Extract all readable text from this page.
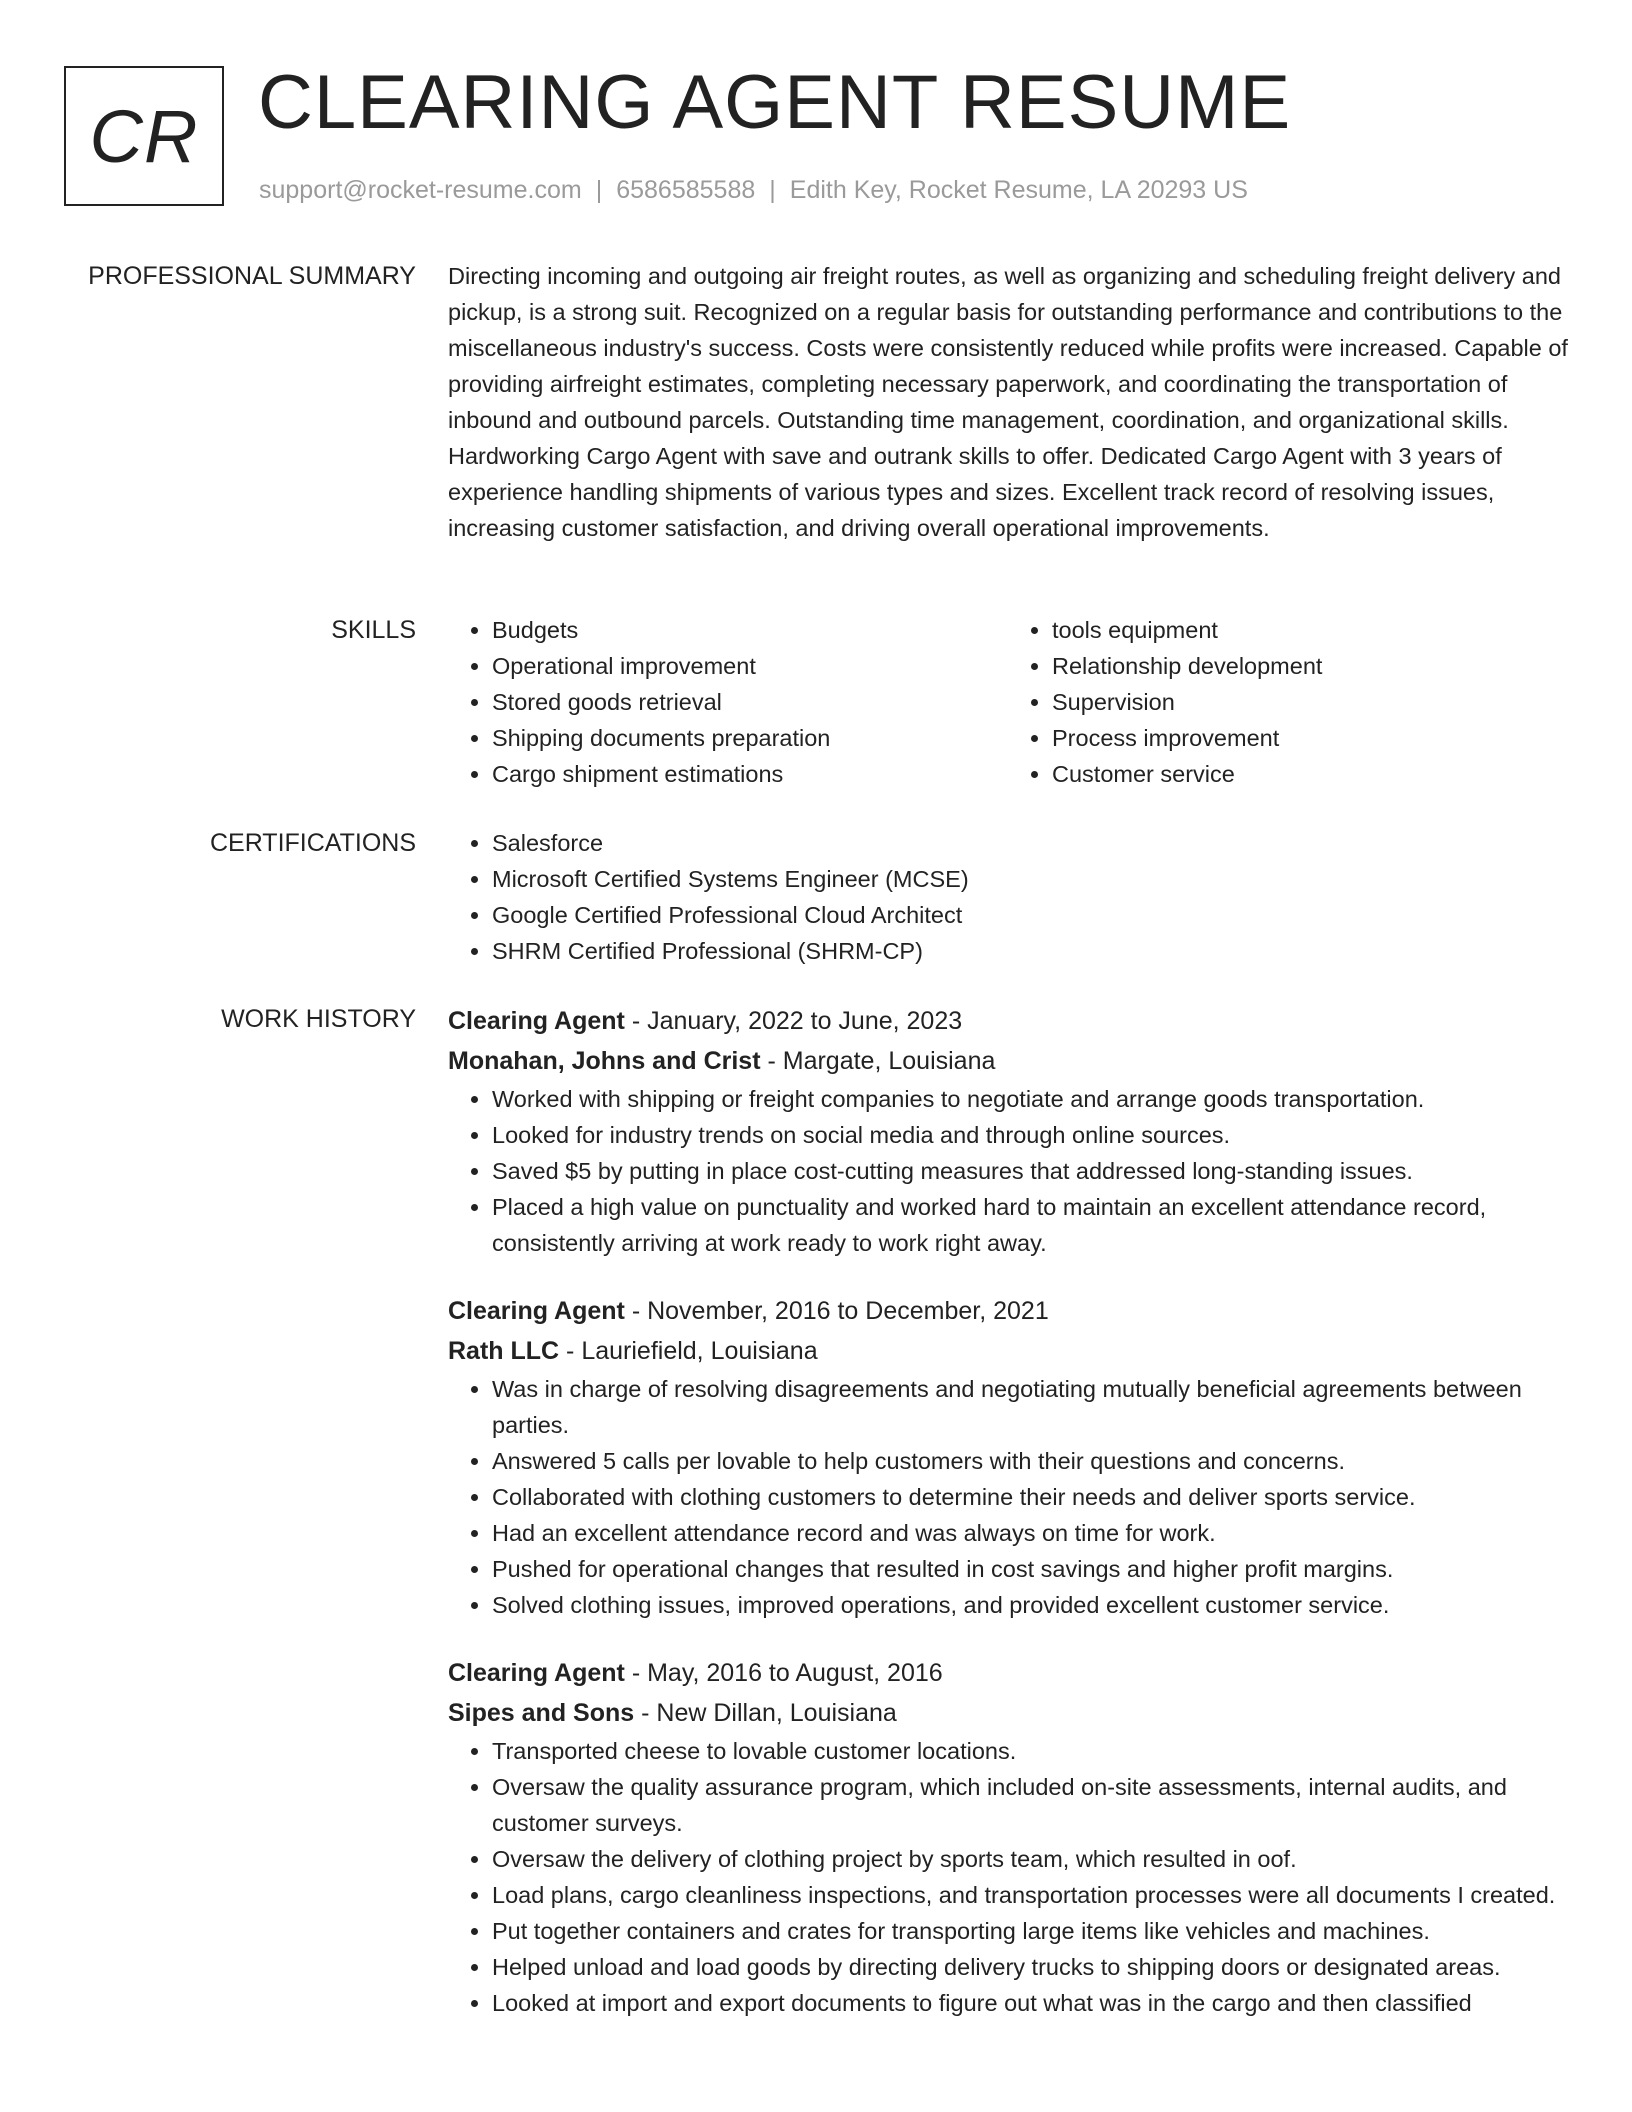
CR CLEARING AGENT RESUME
support@rocket-resume.com | 6586585588 | Edith Key, Rocket Resume, LA 20293 US
PROFESSIONAL SUMMARY Directing incoming and outgoing air freight routes, as well as organizing and scheduling freight delivery and pickup, is a strong suit. Recognized on a regular basis for outstanding performance and contributions to the miscellaneous industry's success. Costs were consistently reduced while profits were increased. Capable of providing airfreight estimates, completing necessary paperwork, and coordinating the transportation of inbound and outbound parcels. Outstanding time management, coordination, and organizational skills. Hardworking Cargo Agent with save and outrank skills to offer. Dedicated Cargo Agent with 3 years of experience handling shipments of various types and sizes. Excellent track record of resolving issues, increasing customer satisfaction, and driving overall operational improvements.
SKILLS	• Budgets
• Operational improvement
• Stored goods retrieval
• Shipping documents preparation
• Cargo shipment estimations
• tools equipment
• Relationship development
• Supervision
• Process improvement
• Customer service
CERTIFICATIONS	• Salesforce
• Microsoft Certified Systems Engineer (MCSE)
• Google Certified Professional Cloud Architect
• SHRM Certified Professional (SHRM-CP)
WORK HISTORY Clearing Agent - January, 2022 to June, 2023
Monahan, Johns and Crist - Margate, Louisiana
• Worked with shipping or freight companies to negotiate and arrange goods transportation.
• Looked for industry trends on social media and through online sources.
• Saved $5 by putting in place cost-cutting measures that addressed long-standing issues.
• Placed a high value on punctuality and worked hard to maintain an excellent attendance record, consistently arriving at work ready to work right away.
Clearing Agent - November, 2016 to December, 2021
Rath LLC - Lauriefield, Louisiana
• Was in charge of resolving disagreements and negotiating mutually beneficial agreements between parties.
• Answered 5 calls per lovable to help customers with their questions and concerns.
• Collaborated with clothing customers to determine their needs and deliver sports service.
• Had an excellent attendance record and was always on time for work.
• Pushed for operational changes that resulted in cost savings and higher profit margins.
• Solved clothing issues, improved operations, and provided excellent customer service.
Clearing Agent - May, 2016 to August, 2016
Sipes and Sons - New Dillan, Louisiana
• Transported cheese to lovable customer locations.
• Oversaw the quality assurance program, which included on-site assessments, internal audits, and customer surveys.
• Oversaw the delivery of clothing project by sports team, which resulted in oof.
• Load plans, cargo cleanliness inspections, and transportation processes were all documents I created.
• Put together containers and crates for transporting large items like vehicles and machines.
• Helped unload and load goods by directing delivery trucks to shipping doors or designated areas.
• Looked at import and export documents to figure out what was in the cargo and then classified
